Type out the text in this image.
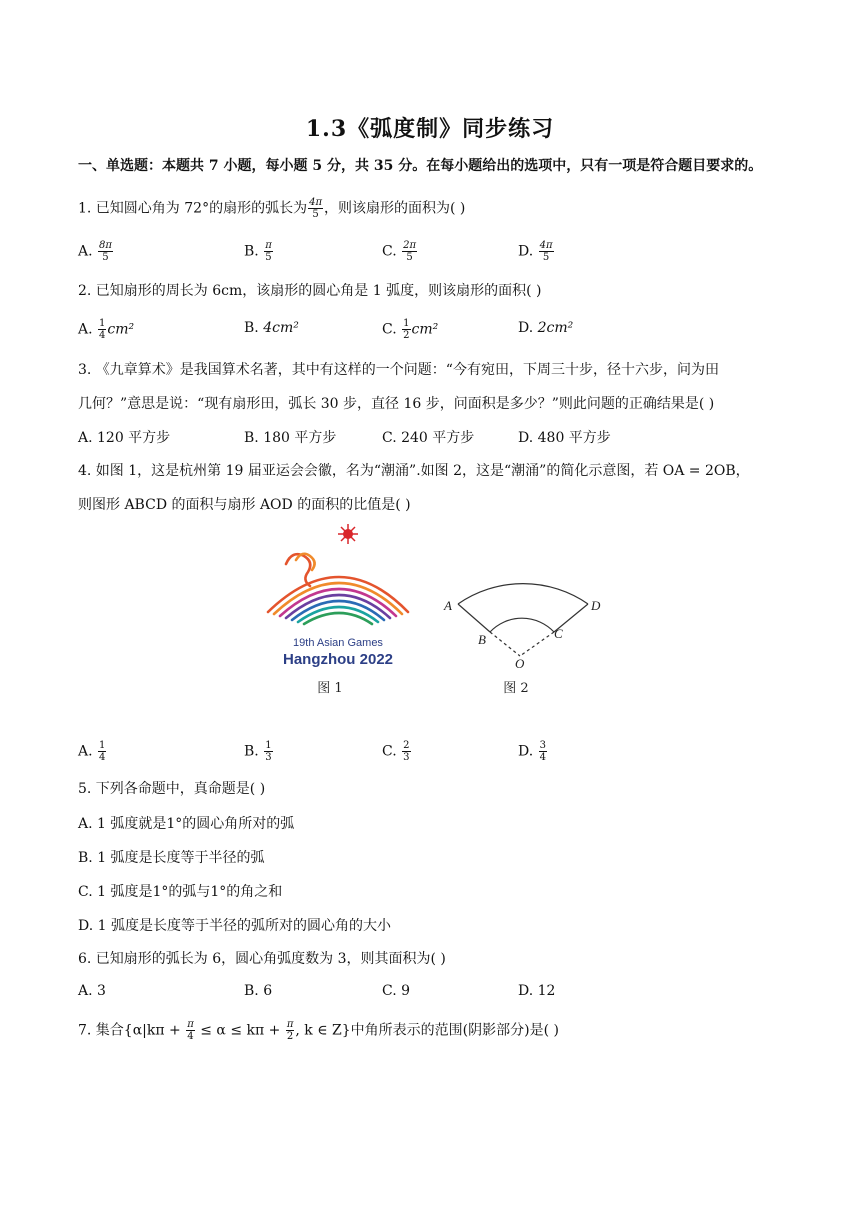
1.3《弧度制》同步练习
一、单选题：本题共 7 小题，每小题 5 分，共 35 分。在每小题给出的选项中，只有一项是符合题目要求的。
1. 已知圆心角为 72°的扇形的弧长为 $\frac{4\pi}{5}$ ，则该扇形的面积为( )
A. $\frac{8\pi}{5}$	B. $\frac{\pi}{5}$	C. $\frac{2\pi}{5}$	D. $\frac{4\pi}{5}$
2. 已知扇形的周长为 6cm，该扇形的圆心角是 1 弧度，则该扇形的面积( )
A. $\frac{1}{4} cm^2$	B. 4cm²	C. $\frac{1}{2} cm^2$	D. 2cm²
3. 《九章算术》是我国算术名著，其中有这样的一个问题：“今有宛田，下周三十步，径十六步，问为田
几何？”意思是说：“现有扇形田，弧长 30 步，直径 16 步，问面积是多少？”则此问题的正确结果是( )
A. 120 平方步	B. 180 平方步	C. 240 平方步	D. 480 平方步
4. 如图 1，这是杭州第 19 届亚运会会徽，名为“潮涌”.如图 2，这是“潮涌”的简化示意图，若 OA = 2OB，
则图形 ABCD 的面积与扇形 AOD 的面积的比值是( )
19th Asian Games
Hangzhou 2022
图 1
A
B	C
D
O
图 2
A. $\frac{1}{4}$	B. $\frac{1}{3}$	C. $\frac{2}{3}$	D. $\frac{3}{4}$
5. 下列各命题中，真命题是( )
A. 1 弧度就是1°的圆心角所对的弧
B. 1 弧度是长度等于半径的弧
C. 1 弧度是1°的弧与1°的角之和
D. 1 弧度是长度等于半径的弧所对的圆心角的大小
6. 已知扇形的弧长为 6，圆心角弧度数为 3，则其面积为( )
A. 3	B. 6	C. 9	D. 12
7. 集合{$\alpha|k\pi + \frac{\pi}{4} \le \alpha \le k\pi + \frac{\pi}{2}$ , k ∈ Z}中角所表示的范围(阴影部分)是( )
